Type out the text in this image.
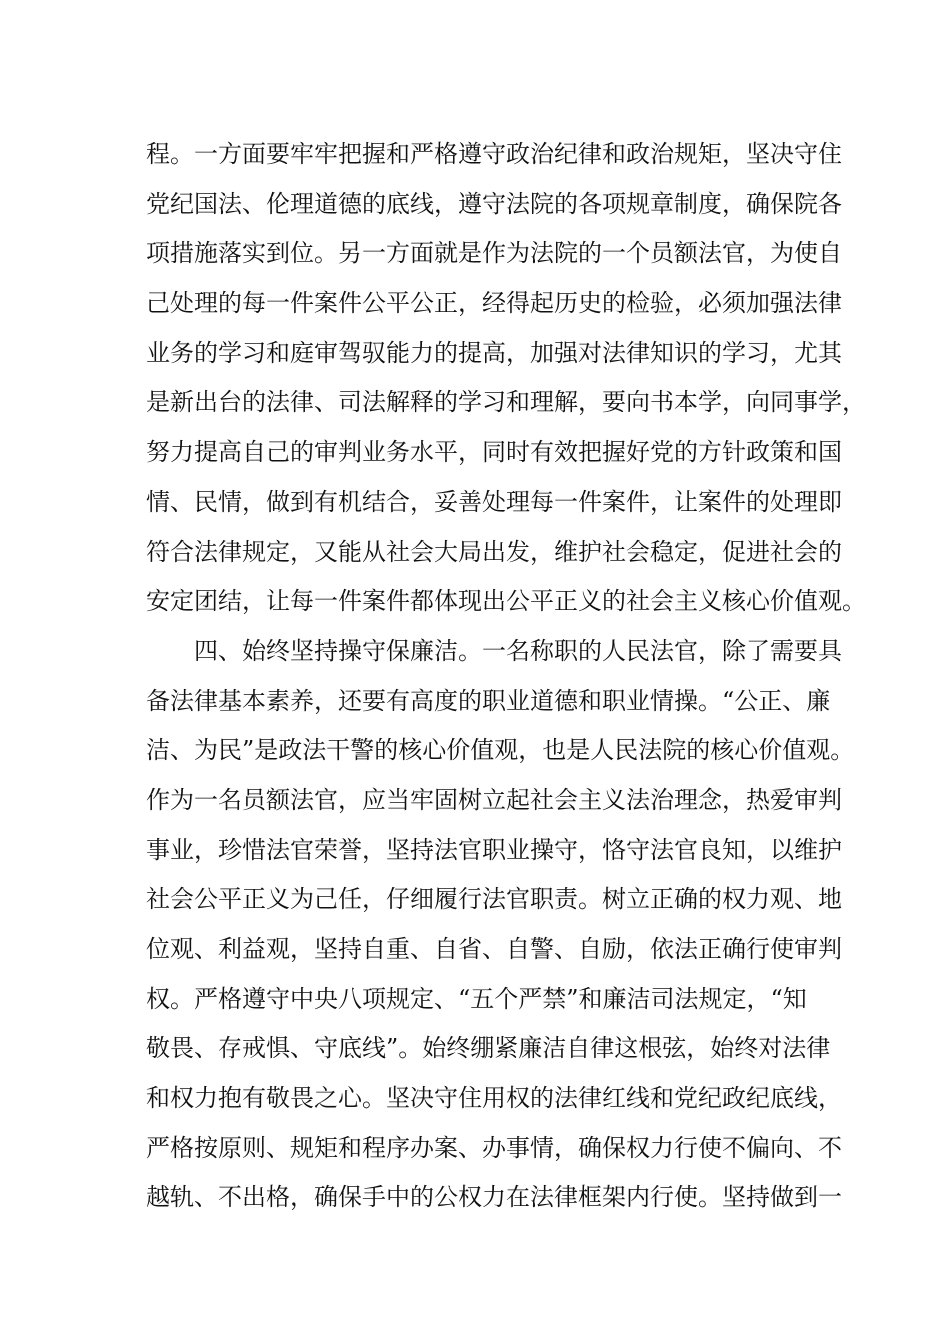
程。一方面要牢牢把握和严格遵守政治纪律和政治规矩，坚决守住
党纪国法、伦理道德的底线，遵守法院的各项规章制度，确保院各
项措施落实到位。另一方面就是作为法院的一个员额法官，为使自
己处理的每一件案件公平公正，经得起历史的检验，必须加强法律
业务的学习和庭审驾驭能力的提高，加强对法律知识的学习，尤其
是新出台的法律、司法解释的学习和理解，要向书本学，向同事学，
努力提高自己的审判业务水平，同时有效把握好党的方针政策和国
情、民情，做到有机结合，妥善处理每一件案件，让案件的处理即
符合法律规定，又能从社会大局出发，维护社会稳定，促进社会的
安定团结，让每一件案件都体现出公平正义的社会主义核心价值观。
四、始终坚持操守保廉洁。一名称职的人民法官，除了需要具
备法律基本素养，还要有高度的职业道德和职业情操。“公正、廉
洁、为民”是政法干警的核心价值观，也是人民法院的核心价值观。
作为一名员额法官，应当牢固树立起社会主义法治理念，热爱审判
事业，珍惜法官荣誉，坚持法官职业操守，恪守法官良知，以维护
社会公平正义为己任，仔细履行法官职责。树立正确的权力观、地
位观、利益观，坚持自重、自省、自警、自励，依法正确行使审判
权。严格遵守中央八项规定、“五个严禁”和廉洁司法规定，“知
敬畏、存戒惧、守底线”。始终绷紧廉洁自律这根弦，始终对法律
和权力抱有敬畏之心。坚决守住用权的法律红线和党纪政纪底线，
严格按原则、规矩和程序办案、办事情，确保权力行使不偏向、不
越轨、不出格，确保手中的公权力在法律框架内行使。坚持做到一
